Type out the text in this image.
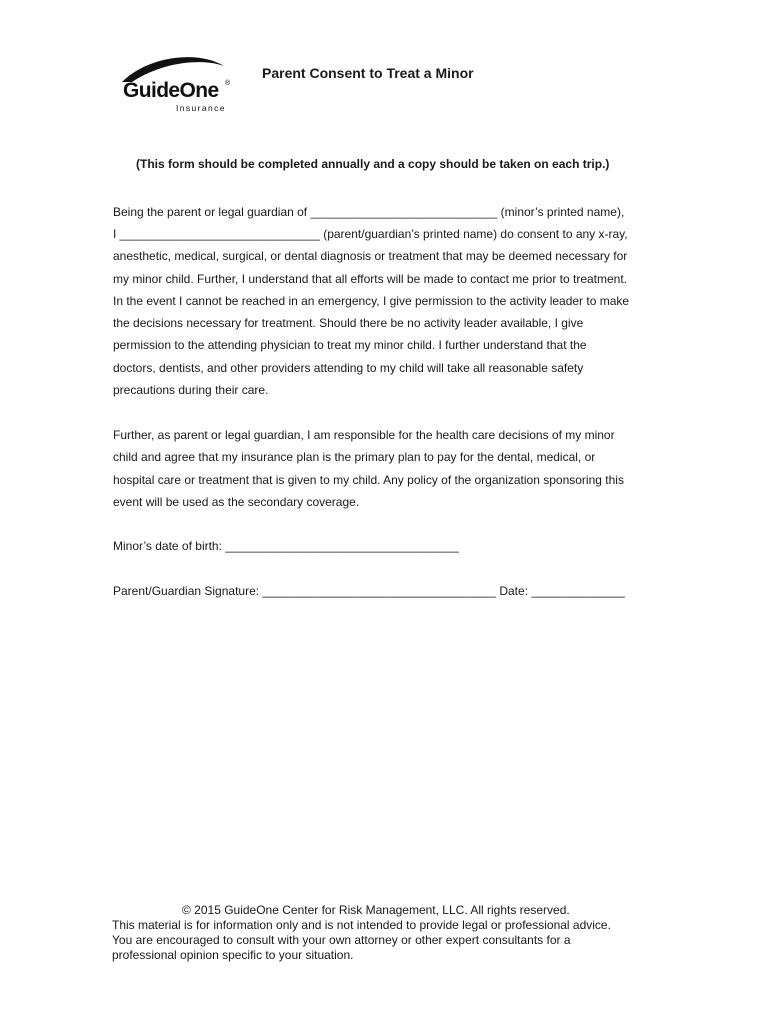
GuideOne ®
Insurance
Parent Consent to Treat a Minor

(This form should be completed annually and a copy should be taken on each trip.)

Being the parent or legal guardian of ____________________________ (minor’s printed name),
I ______________________________ (parent/guardian’s printed name) do consent to any x-ray,
anesthetic, medical, surgical, or dental diagnosis or treatment that may be deemed necessary for
my minor child. Further, I understand that all efforts will be made to contact me prior to treatment.
In the event I cannot be reached in an emergency, I give permission to the activity leader to make
the decisions necessary for treatment. Should there be no activity leader available, I give
permission to the attending physician to treat my minor child. I further understand that the
doctors, dentists, and other providers attending to my child will take all reasonable safety
precautions during their care.
Further, as parent or legal guardian, I am responsible for the health care decisions of my minor
child and agree that my insurance plan is the primary plan to pay for the dental, medical, or
hospital care or treatment that is given to my child. Any policy of the organization sponsoring this
event will be used as the secondary coverage.
Minor’s date of birth: ___________________________________
Parent/Guardian Signature: ___________________________________ Date: ______________
© 2015 GuideOne Center for Risk Management, LLC. All rights reserved.
This material is for information only and is not intended to provide legal or professional advice.
You are encouraged to consult with your own attorney or other expert consultants for a
professional opinion specific to your situation.
